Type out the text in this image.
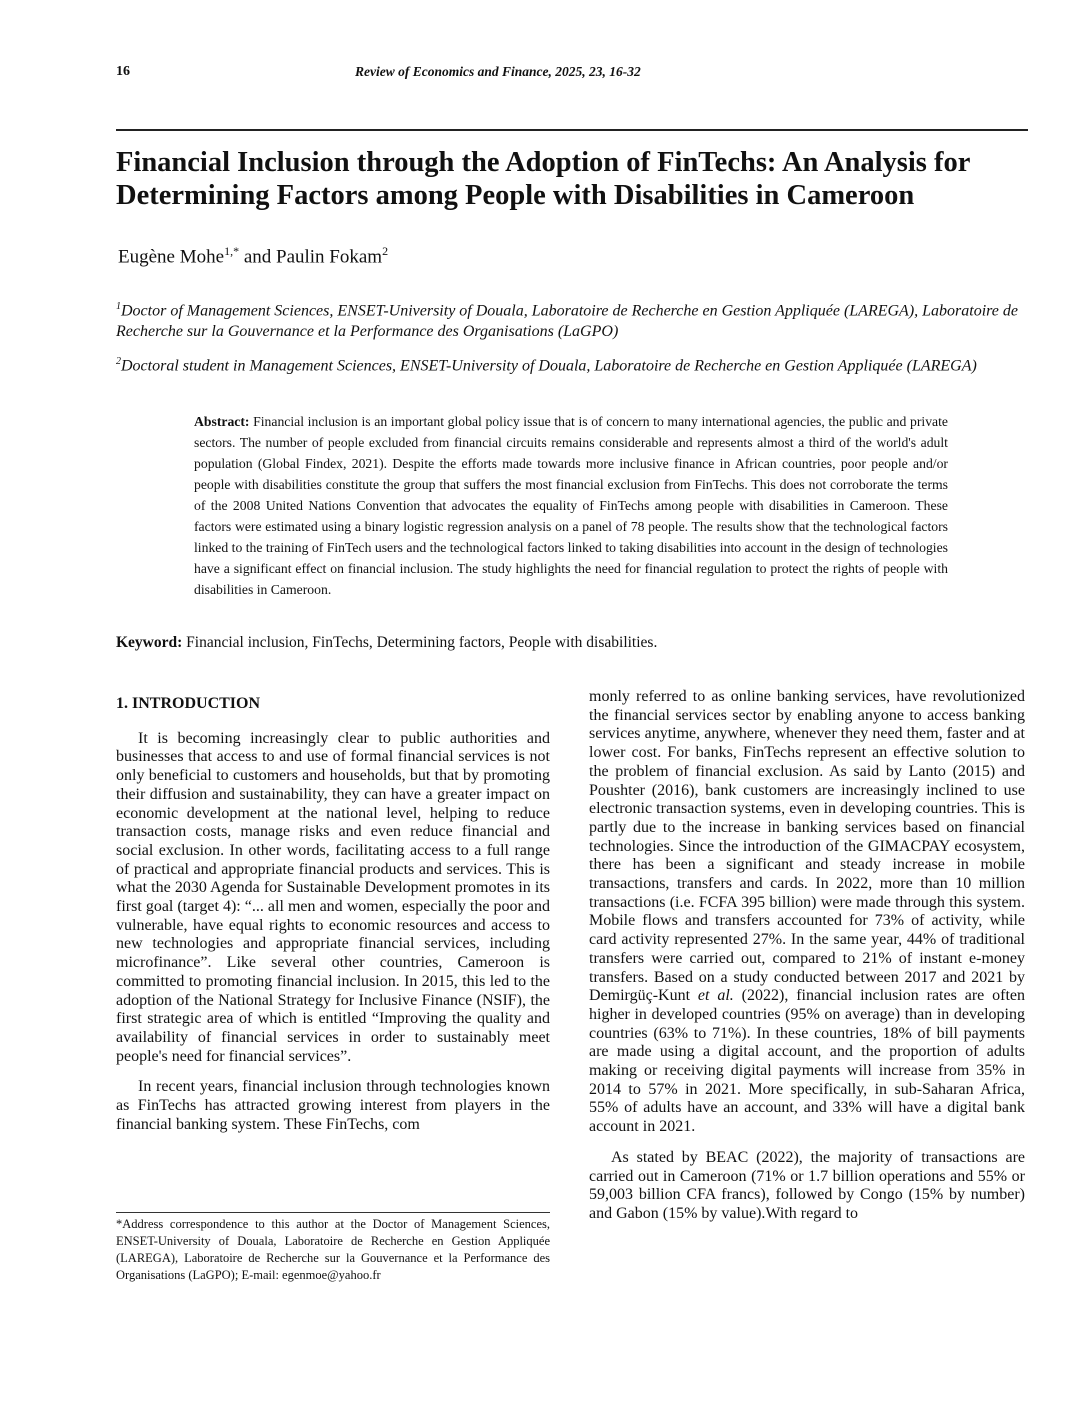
16	Review of Economics and Finance, 2025, 23, 16-32
Financial Inclusion through the Adoption of FinTechs: An Analysis for Determining Factors among People with Disabilities in Cameroon
Eugène Mohe$^{1,*}$ and Paulin Fokam$^2$
$^1$Doctor of Management Sciences, ENSET-University of Douala, Laboratoire de Recherche en Gestion Appliquée (LAREGA), Laboratoire de Recherche sur la Gouvernance et la Performance des Organisations (LaGPO)
$^2$Doctoral student in Management Sciences, ENSET-University of Douala, Laboratoire de Recherche en Gestion Appliquée (LAREGA)
Abstract: Financial inclusion is an important global policy issue that is of concern to many international agencies, the public and private sectors. The number of people excluded from financial circuits remains considerable and represents almost a third of the world's adult population (Global Findex, 2021). Despite the efforts made towards more inclusive finance in African countries, poor people and/or people with disabilities constitute the group that suffers the most financial exclusion from FinTechs. This does not corroborate the terms of the 2008 United Nations Convention that advocates the equality of FinTechs among people with disabilities in Cameroon. These factors were estimated using a binary logistic regression analysis on a panel of 78 people. The results show that the technological factors linked to the training of FinTech users and the technological factors linked to taking disabilities into account in the design of technologies have a significant effect on financial inclusion. The study highlights the need for financial regulation to protect the rights of people with disabilities in Cameroon.
Keyword: Financial inclusion, FinTechs, Determining factors, People with disabilities.
1. INTRODUCTION

It is becoming increasingly clear to public authorities and businesses that access to and use of formal financial services is not only beneficial to customers and households, but that by promoting their diffusion and sustainability, they can have a greater impact on economic development at the national level, helping to reduce transaction costs, manage risks and even reduce financial and social exclusion. In other words, facilitating access to a full range of practical and appropriate financial products and services. This is what the 2030 Agenda for Sustainable Development promotes in its first goal (target 4): “... all men and women, especially the poor and vulnerable, have equal rights to economic resources and access to new technologies and appropriate financial services, including microfinance”. Like several other countries, Cameroon is committed to promoting financial inclusion. In 2015, this led to the adoption of the National Strategy for Inclusive Finance (NSIF), the first strategic area of which is entitled “Improving the quality and availability of financial services in order to sustainably meet people's need for financial services”.

In recent years, financial inclusion through technologies known as FinTechs has attracted growing interest from players in the financial banking system. These FinTechs, com

monly referred to as online banking services, have revolutionized the financial services sector by enabling anyone to access banking services anytime, anywhere, whenever they need them, faster and at lower cost. For banks, FinTechs represent an effective solution to the problem of financial exclusion. As said by Lanto (2015) and Poushter (2016), bank customers are increasingly inclined to use electronic transaction systems, even in developing countries. This is partly due to the increase in banking services based on financial technologies. Since the introduction of the GIMACPAY ecosystem, there has been a significant and steady increase in mobile transactions, transfers and cards. In 2022, more than 10 million transactions (i.e. FCFA 395 billion) were made through this system. Mobile flows and transfers accounted for 73% of activity, while card activity represented 27%. In the same year, 44% of traditional transfers were carried out, compared to 21% of instant e-money transfers. Based on a study conducted between 2017 and 2021 by Demirgüç-Kunt et al. (2022), financial inclusion rates are often higher in developed countries (95% on average) than in developing countries (63% to 71%). In these countries, 18% of bill payments are made using a digital account, and the proportion of adults making or receiving digital payments will increase from 35% in 2014 to 57% in 2021. More specifically, in sub-Saharan Africa, 55% of adults have an account, and 33% will have a digital bank account in 2021.

As stated by BEAC (2022), the majority of transactions are carried out in Cameroon (71% or 1.7 billion operations and 55% or 59,003 billion CFA francs), followed by Congo (15% by number) and Gabon (15% by value).With regard to

*Address correspondence to this author at the Doctor of Management Sciences, ENSET-University of Douala, Laboratoire de Recherche en Gestion Appliquée (LAREGA), Laboratoire de Recherche sur la Gouvernance et la Performance des Organisations (LaGPO); E-mail: egenmoe@yahoo.fr
